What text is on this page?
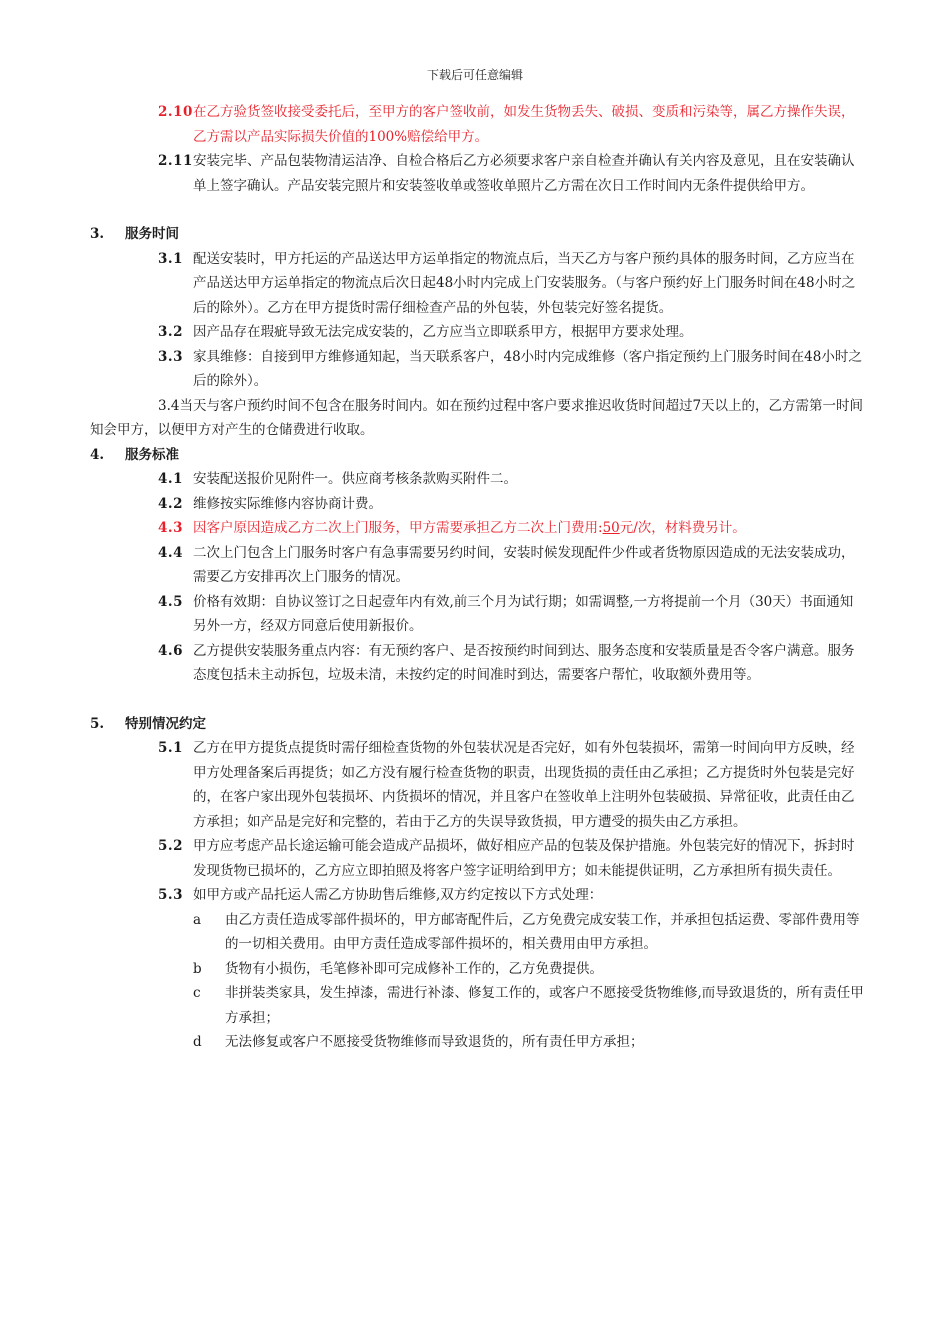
下载后可任意编辑

2.10 在乙方验货签收接受委托后，至甲方的客户签收前，如发生货物丢失、破损、变质和污染等，属乙方操作失误，乙方需以产品实际损失价值的100%赔偿给甲方。

2.11 安装完毕、产品包装物清运洁净、自检合格后乙方必须要求客户亲自检查并确认有关内容及意见，且在安装确认单上签字确认。产品安装完照片和安装签收单或签收单照片乙方需在次日工作时间内无条件提供给甲方。

3. 服务时间

3.1 配送安装时，甲方托运的产品送达甲方运单指定的物流点后，当天乙方与客户预约具体的服务时间，乙方应当在产品送达甲方运单指定的物流点后次日起48小时内完成上门安装服务。（与客户预约好上门服务时间在48小时之后的除外）。乙方在甲方提货时需仔细检查产品的外包装，外包装完好签名提货。

3.2 因产品存在瑕疵导致无法完成安装的，乙方应当立即联系甲方，根据甲方要求处理。

3.3 家具维修：自接到甲方维修通知起，当天联系客户，48小时内完成维修（客户指定预约上门服务时间在48小时之后的除外）。

3.4当天与客户预约时间不包含在服务时间内。如在预约过程中客户要求推迟收货时间超过7天以上的，乙方需第一时间知会甲方，以便甲方对产生的仓储费进行收取。

4. 服务标准

4.1 安装配送报价见附件一。供应商考核条款购买附件二。

4.2 维修按实际维修内容协商计费。

4.3 因客户原因造成乙方二次上门服务，甲方需要承担乙方二次上门费用:50元/次，材料费另计。

4.4 二次上门包含上门服务时客户有急事需要另约时间，安装时候发现配件少件或者货物原因造成的无法安装成功，需要乙方安排再次上门服务的情况。

4.5 价格有效期：自协议签订之日起壹年内有效,前三个月为试行期；如需调整,一方将提前一个月（30天）书面通知另外一方，经双方同意后使用新报价。

4.6 乙方提供安装服务重点内容：有无预约客户、是否按预约时间到达、服务态度和安装质量是否令客户满意。服务态度包括未主动拆包，垃圾未清，未按约定的时间准时到达，需要客户帮忙，收取额外费用等。

5. 特别情况约定

5.1 乙方在甲方提货点提货时需仔细检查货物的外包装状况是否完好，如有外包装损坏，需第一时间向甲方反映，经甲方处理备案后再提货；如乙方没有履行检查货物的职责，出现货损的责任由乙承担；乙方提货时外包装是完好的，在客户家出现外包装损坏、内货损坏的情况，并且客户在签收单上注明外包装破损、异常征收，此责任由乙方承担；如产品是完好和完整的，若由于乙方的失误导致货损，甲方遭受的损失由乙方承担。

5.2 甲方应考虑产品长途运输可能会造成产品损坏，做好相应产品的包装及保护措施。外包装完好的情况下，拆封时发现货物已损坏的，乙方应立即拍照及将客户签字证明给到甲方；如未能提供证明，乙方承担所有损失责任。

5.3 如甲方或产品托运人需乙方协助售后维修,双方约定按以下方式处理：

a 由乙方责任造成零部件损坏的，甲方邮寄配件后，乙方免费完成安装工作，并承担包括运费、零部件费用等的一切相关费用。由甲方责任造成零部件损坏的，相关费用由甲方承担。

b 货物有小损伤，毛笔修补即可完成修补工作的，乙方免费提供。

c 非拼装类家具，发生掉漆，需进行补漆、修复工作的，或客户不愿接受货物维修,而导致退货的，所有责任甲方承担；

d 无法修复或客户不愿接受货物维修而导致退货的，所有责任甲方承担；
